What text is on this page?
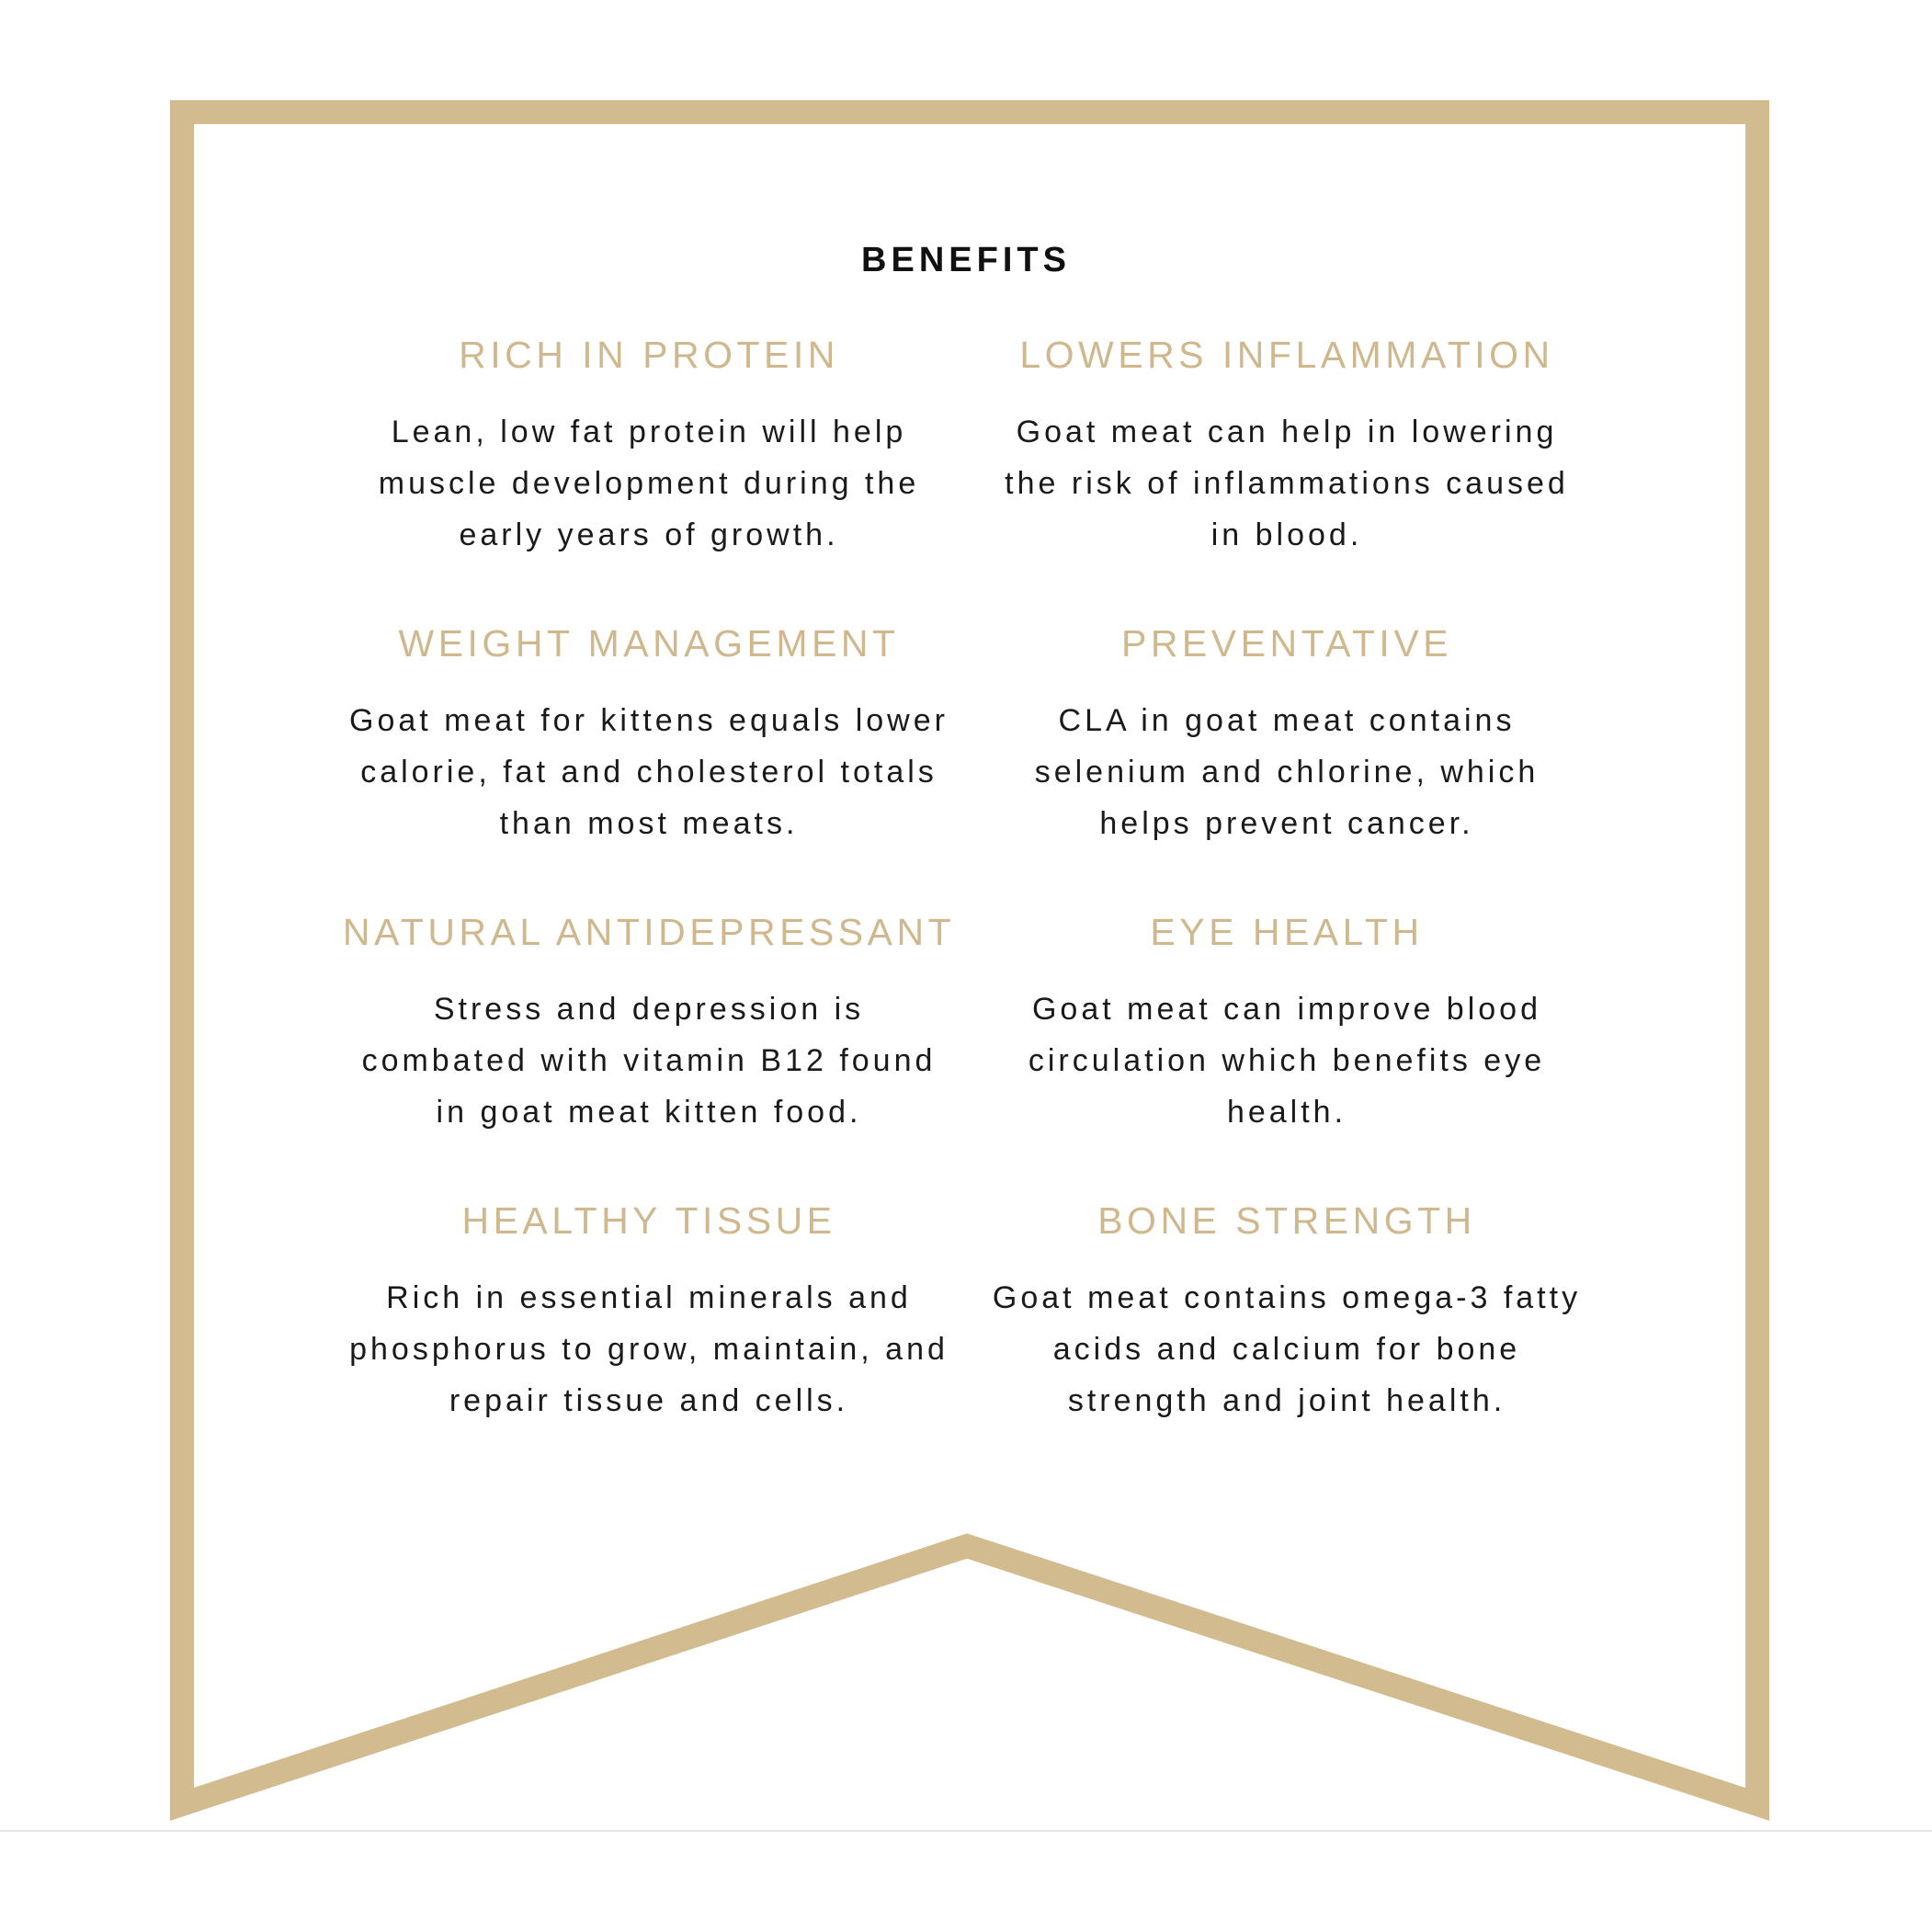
BENEFITS

RICH IN PROTEIN

Lean, low fat protein will help muscle development during the early years of growth.

LOWERS INFLAMMATION

Goat meat can help in lowering the risk of inflammations caused in blood.

WEIGHT MANAGEMENT

Goat meat for kittens equals lower calorie, fat and cholesterol totals than most meats.

PREVENTATIVE

CLA in goat meat contains selenium and chlorine, which helps prevent cancer.

NATURAL ANTIDEPRESSANT

Stress and depression is combated with vitamin B12 found in goat meat kitten food.

EYE HEALTH

Goat meat can improve blood circulation which benefits eye health.

HEALTHY TISSUE

Rich in essential minerals and phosphorus to grow, maintain, and repair tissue and cells.

BONE STRENGTH

Goat meat contains omega-3 fatty acids and calcium for bone strength and joint health.
